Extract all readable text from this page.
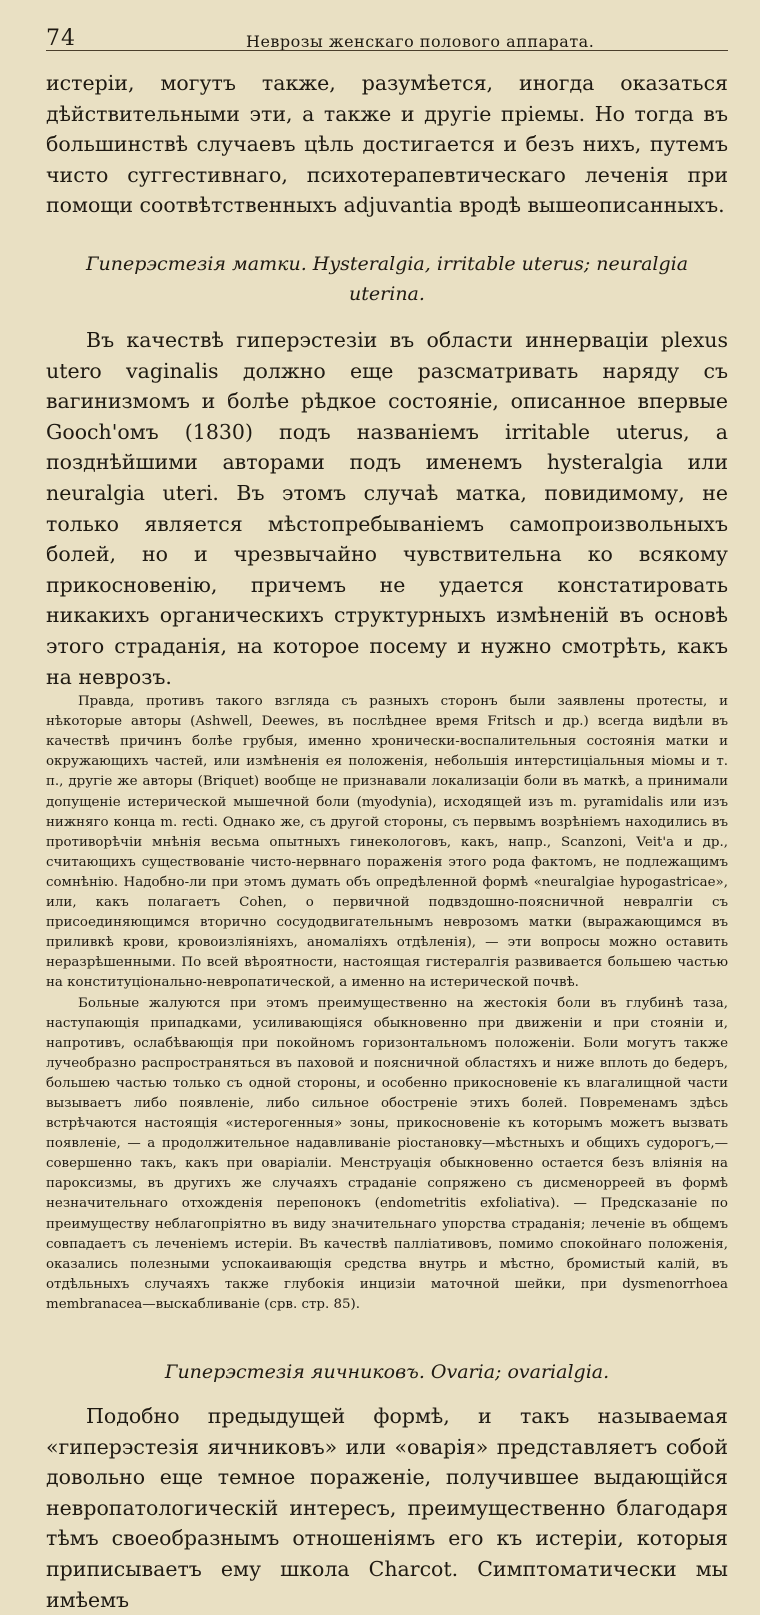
74	Неврозы женскаго полового аппарата.

истеріи, могутъ также, разумѣется, иногда оказаться дѣйствительными эти, а также и другіе пріемы. Но тогда въ большинствѣ случаевъ цѣль достигается и безъ нихъ, путемъ чисто суггестивнаго, психотерапевтическаго леченія при помощи соотвѣтственныхъ adjuvantia вродѣ вышеописанныхъ.

Гиперэстезія матки. Hysteralgia, irritable uterus; neuralgia uterina.

Въ качествѣ гиперэстезіи въ области иннерваціи plexus utero vaginalis должно еще разсматривать наряду съ вагинизмомъ и болѣе рѣдкое состояніе, описанное впервые Gooch'омъ (1830) подъ названіемъ irritable uterus, а позднѣйшими авторами подъ именемъ hysteralgia или neuralgia uteri. Въ этомъ случаѣ матка, повидимому, не только является мѣстопребываніемъ самопроизвольныхъ болей, но и чрезвычайно чувствительна ко всякому прикосновенію, причемъ не удается констатировать никакихъ органическихъ структурныхъ измѣненій въ основѣ этого страданія, на которое посему и нужно смотрѣть, какъ на неврозъ.

Правда, противъ такого взгляда съ разныхъ сторонъ были заявлены протесты, и нѣкоторые авторы (Ashwell, Deewes, въ послѣднее время Fritsch и др.) всегда видѣли въ качествѣ причинъ болѣе грубыя, именно хронически-воспалительныя состоянія матки и окружающихъ частей, или измѣненія ея положенія, небольшія интерстиціальныя міомы и т. п., другіе же авторы (Briquet) вообще не признавали локализаціи боли въ маткѣ, а принимали допущеніе истерической мышечной боли (myodynia), исходящей изъ m. pyramidalis или изъ нижняго конца m. recti. Однако же, съ другой стороны, съ первымъ возрѣніемъ находились въ противорѣчіи мнѣнія весьма опытныхъ гинекологовъ, какъ, напр., Scanzoni, Veit'а и др., считающихъ существованіе чисто-нервнаго пораженія этого рода фактомъ, не подлежащимъ сомнѣнію. Надобно-ли при этомъ думать объ опредѣленной формѣ «neuralgiae hypogastricae», или, какъ полагаетъ Cohen, о первичной подвздошно-поясничной невралгіи съ присоединяющимся вторично сосудодвигательнымъ неврозомъ матки (выражающимся въ приливкѣ крови, кровоизліяніяхъ, аномаліяхъ отдѣленія), — эти вопросы можно оставить неразрѣшенными. По всей вѣроятности, настоящая гистералгія развивается большею частью на конституціонально-невропатической, а именно на истерической почвѣ.

Больные жалуются при этомъ преимущественно на жестокія боли въ глубинѣ таза, наступающія припадками, усиливающіяся обыкновенно при движеніи и при стояніи и, напротивъ, ослабѣвающія при покойномъ горизонтальномъ положеніи. Боли могутъ также лучеобразно распространяться въ паховой и поясничной областяхъ и ниже вплоть до бедеръ, большею частью только съ одной стороны, и особенно прикосновеніе къ влагалищной части вызываетъ либо появленіе, либо сильное обостреніе этихъ болей. Повременамъ здѣсь встрѣчаются настоящія «истерогенныя» зоны, прикосновеніе къ которымъ можетъ вызвать появленіе, — а продолжительное надавливаніе ріостановку—мѣстныхъ и общихъ судорогъ,—совершенно такъ, какъ при оваріаліи. Менструація обыкновенно остается безъ вліянія на пароксизмы, въ другихъ же случаяхъ страданіе сопряжено съ дисменорреей въ формѣ незначительнаго отхожденія перепонокъ (endometritis exfoliativa). — Предсказаніе по преимуществу неблагопріятно въ виду значительнаго упорства страданія; леченіе въ общемъ совпадаетъ съ леченіемъ истеріи. Въ качествѣ палліативовъ, помимо спокойнаго положенія, оказались полезными успокаивающія средства внутрь и мѣстно, бромистый калій, въ отдѣльныхъ случаяхъ также глубокія инцизіи маточной шейки, при dysmenorrhoea membranacea—выскабливаніе (срв. стр. 85).

Гиперэстезія яичниковъ. Ovaria; ovarialgia.

Подобно предыдущей формѣ, и такъ называемая «гиперэстезія яичниковъ» или «оварія» представляетъ собой довольно еще темное пораженіе, получившее выдающійся невропатологическій интересъ, преимущественно благодаря тѣмъ своеобразнымъ отношеніямъ его къ истеріи, которыя приписываетъ ему школа Charcot. Симптоматически мы имѣемъ
